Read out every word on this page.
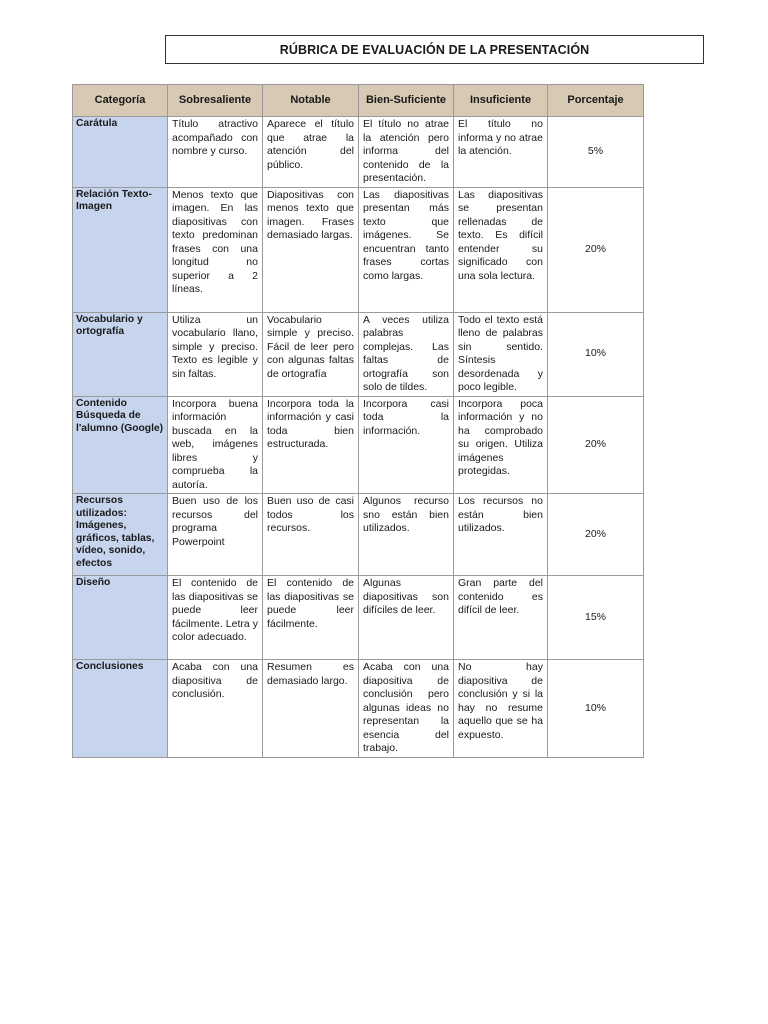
RÚBRICA DE EVALUACIÓN DE LA PRESENTACIÓN
Categoría	Sobresaliente	Notable	Bien-Suficiente	Insuficiente	Porcentaje
Carátula	Título atractivo acompañado con nombre y curso.	Aparece el título que atrae la atención del público.	El título no atrae la atención pero informa del contenido de la presentación.	El título no informa y no atrae la atención.	5%
Relación Texto-Imagen	Menos texto que imagen. En las diapositivas con texto predominan frases con una longitud no superior a 2 líneas.	Diapositivas con menos texto que imagen. Frases demasiado largas.	Las diapositivas presentan más texto que imágenes. Se encuentran tanto frases cortas como largas.	Las diapositivas se presentan rellenadas de texto. Es difícil entender su significado con una sola lectura.	20%
Vocabulario y ortografía	Utiliza un vocabulario llano, simple y preciso. Texto es legible y sin faltas.	Vocabulario simple y preciso. Fácil de leer pero con algunas faltas de ortografía	A veces utiliza palabras complejas. Las faltas de ortografía son solo de tildes.	Todo el texto está lleno de palabras sin sentido. Síntesis desordenada y poco legible.	10%
Contenido Búsqueda de l'alumno (Google)	Incorpora buena información buscada en la web, imágenes libres y comprueba la autoría.	Incorpora toda la información y casi toda bien estructurada.	Incorpora casi toda la información.	Incorpora poca información y no ha comprobado su origen. Utiliza imágenes protegidas.	20%
Recursos utilizados: Imágenes, gráficos, tablas, vídeo, sonido, efectos	Buen uso de los recursos del programa Powerpoint	Buen uso de casi todos los recursos.	Algunos recurso sno están bien utilizados.	Los recursos no están bien utilizados.	20%
Diseño	El contenido de las diapositivas se puede leer fácilmente. Letra y color adecuado.	El contenido de las diapositivas se puede leer fácilmente.	Algunas diapositivas son difíciles de leer.	Gran parte del contenido es difícil de leer.	15%
Conclusiones	Acaba con una diapositiva de conclusión.	Resumen es demasiado largo.	Acaba con una diapositiva de conclusión pero algunas ideas no representan la esencia del trabajo.	No hay diapositiva de conclusión y si la hay no resume aquello que se ha expuesto.	10%
